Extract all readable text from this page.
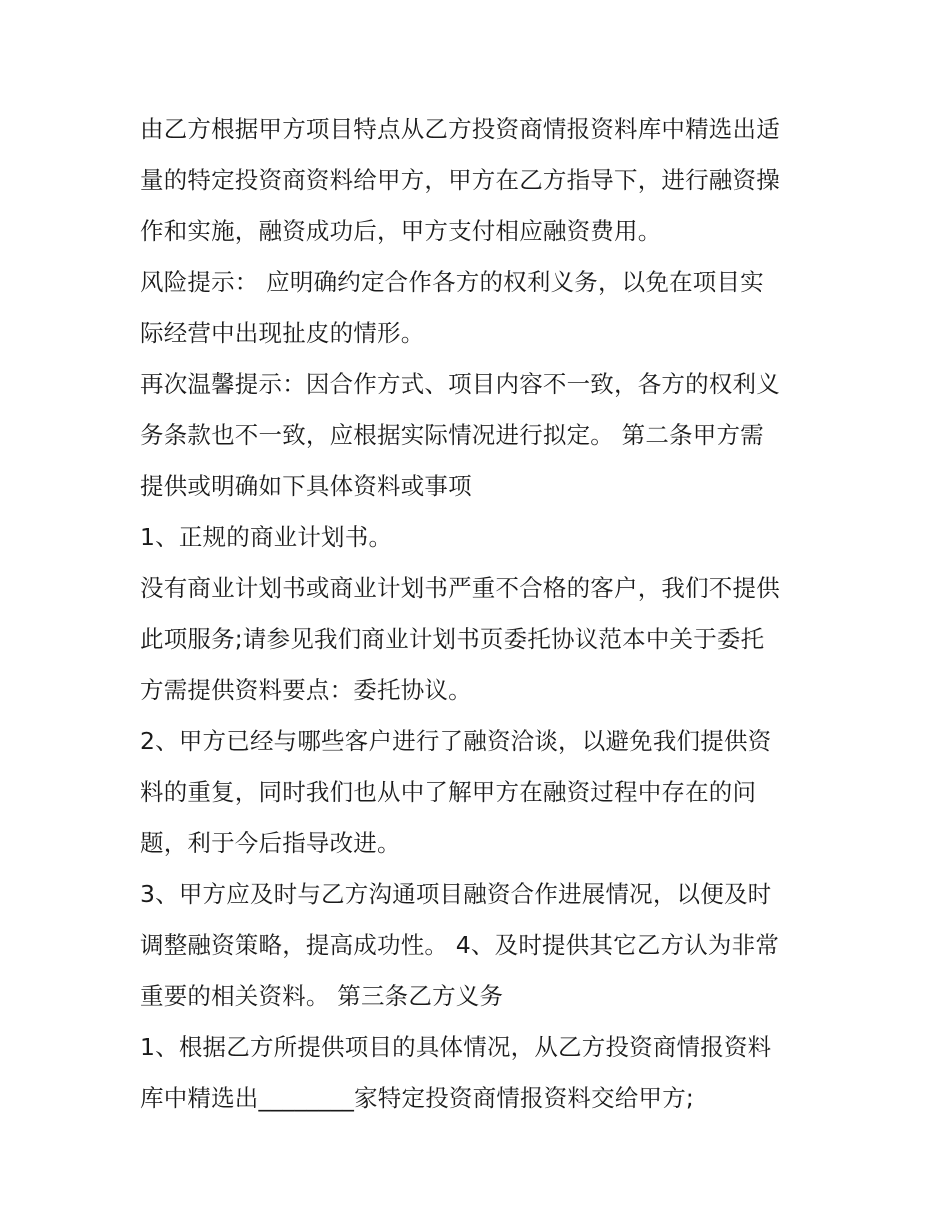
由乙方根据甲方项目特点从乙方投资商情报资料库中精选出适
量的特定投资商资料给甲方，甲方在乙方指导下，进行融资操
作和实施，融资成功后，甲方支付相应融资费用。
风险提示： 应明确约定合作各方的权利义务，以免在项目实
际经营中出现扯皮的情形。
再次温馨提示：因合作方式、项目内容不一致，各方的权利义
务条款也不一致，应根据实际情况进行拟定。 第二条甲方需
提供或明确如下具体资料或事项
1、正规的商业计划书。
没有商业计划书或商业计划书严重不合格的客户，我们不提供
此项服务;请参见我们商业计划书页委托协议范本中关于委托
方需提供资料要点：委托协议。
2、甲方已经与哪些客户进行了融资洽谈，以避免我们提供资
料的重复，同时我们也从中了解甲方在融资过程中存在的问
题，利于今后指导改进。
3、甲方应及时与乙方沟通项目融资合作进展情况，以便及时
调整融资策略，提高成功性。 4、及时提供其它乙方认为非常
重要的相关资料。 第三条乙方义务
1、根据乙方所提供项目的具体情况，从乙方投资商情报资料
库中精选出________家特定投资商情报资料交给甲方;
